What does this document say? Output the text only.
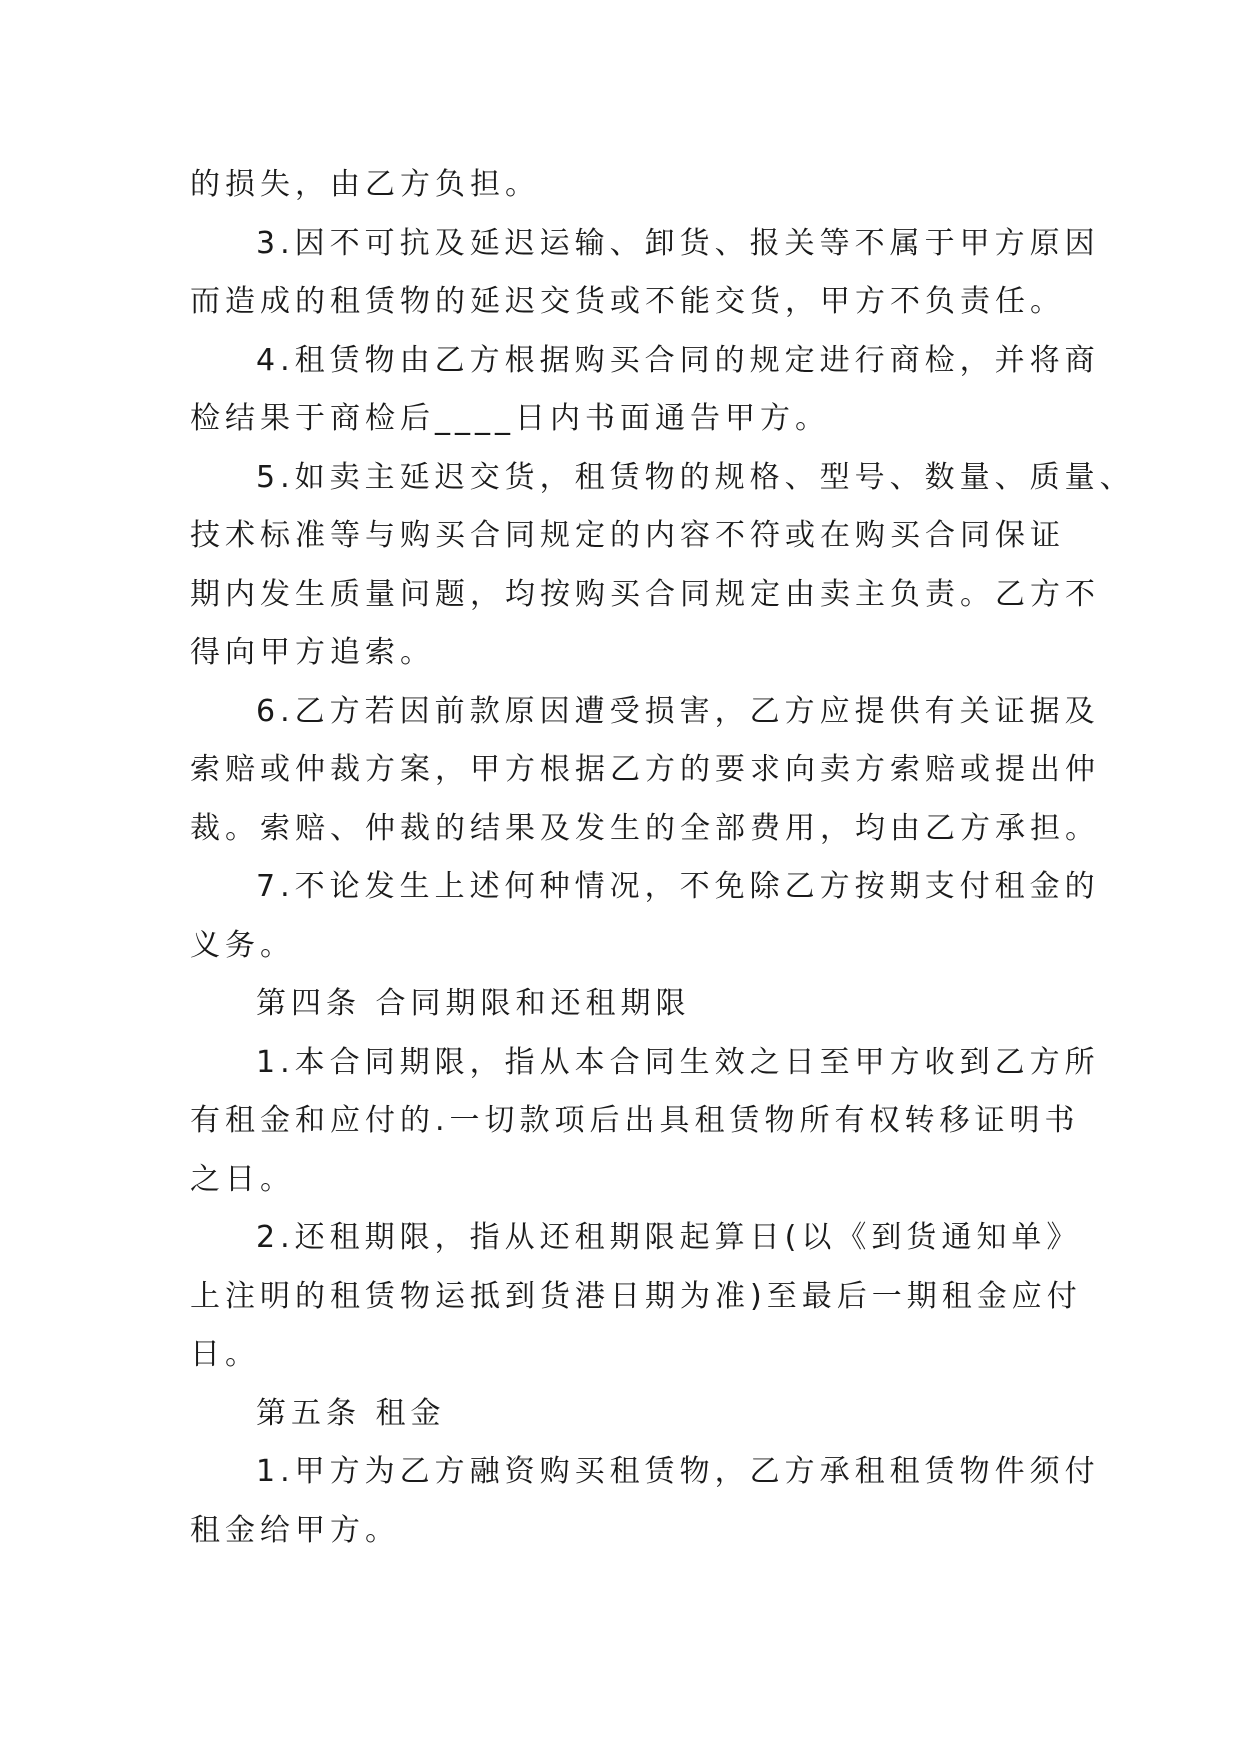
的损失，由乙方负担。
3.因不可抗及延迟运输、卸货、报关等不属于甲方原因
而造成的租赁物的延迟交货或不能交货，甲方不负责任。
4.租赁物由乙方根据购买合同的规定进行商检，并将商
检结果于商检后____日内书面通告甲方。
5.如卖主延迟交货，租赁物的规格、型号、数量、质量、
技术标准等与购买合同规定的内容不符或在购买合同保证
期内发生质量问题，均按购买合同规定由卖主负责。乙方不
得向甲方追索。
6.乙方若因前款原因遭受损害，乙方应提供有关证据及
索赔或仲裁方案，甲方根据乙方的要求向卖方索赔或提出仲
裁。索赔、仲裁的结果及发生的全部费用，均由乙方承担。
7.不论发生上述何种情况，不免除乙方按期支付租金的
义务。
第四条 合同期限和还租期限
1.本合同期限，指从本合同生效之日至甲方收到乙方所
有租金和应付的.一切款项后出具租赁物所有权转移证明书
之日。
2.还租期限，指从还租期限起算日(以《到货通知单》
上注明的租赁物运抵到货港日期为准)至最后一期租金应付
日。
第五条 租金
1.甲方为乙方融资购买租赁物，乙方承租租赁物件须付
租金给甲方。
